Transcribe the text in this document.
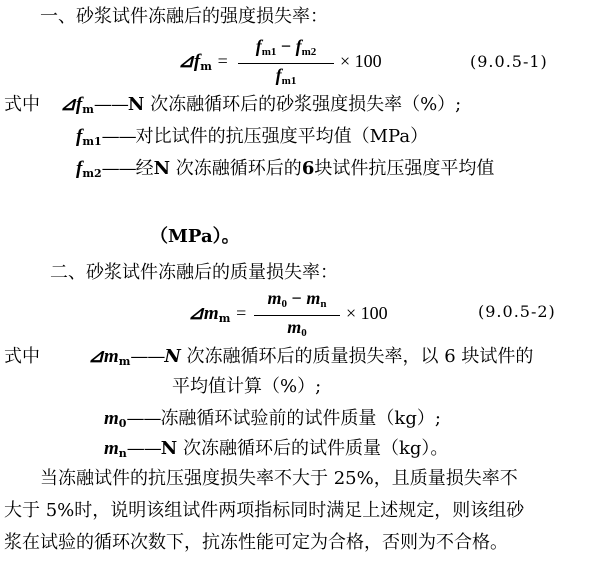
一、砂浆试件冻融后的强度损失率：
$⊿f_m$ =
$f_{m1} - f_{m2}$
$f_{m1}$
× 100	(9.0.5-1)
式中 $⊿f_m——N$ 次冻融循环后的砂浆强度损失率（%）;
$f_{m1}——$对比试件的抗压强度平均值（MPa）
$f_{m2}——$经N 次冻融循环后的6块试件抗压强度平均值
（MPa）。
二、砂浆试件冻融后的质量损失率：
$⊿m_m$ =
$m_0 - m_n$
$m_0$
× 100	(9.0.5-2)
式中	$⊿m_m——N$ 次冻融循环后的质量损失率，以 6 块试件的
平均值计算（%）;
$m_0——$冻融循环试验前的试件质量（kg）;
$m_n——N$ 次冻融循环后的试件质量（kg）。
当冻融试件的抗压强度损失率不大于 25%，且质量损失率不
大于 5%时，说明该组试件两项指标同时满足上述规定，则该组砂
浆在试验的循环次数下，抗冻性能可定为合格，否则为不合格。
